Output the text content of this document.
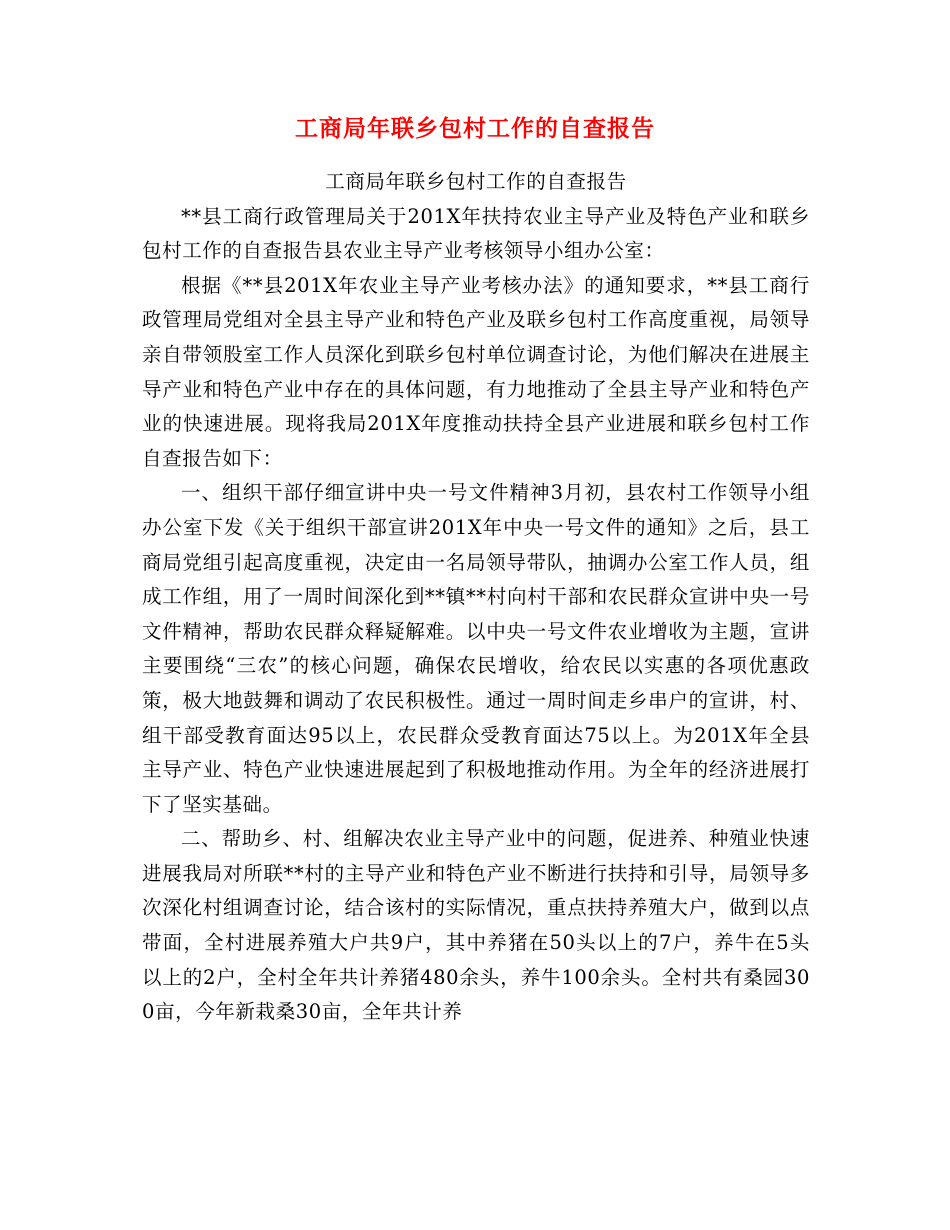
工商局年联乡包村工作的自查报告

工商局年联乡包村工作的自查报告

**县工商行政管理局关于201X年扶持农业主导产业及特色产业和联乡包村工作的自查报告县农业主导产业考核领导小组办公室：

根据《**县201X年农业主导产业考核办法》的通知要求，**县工商行政管理局党组对全县主导产业和特色产业及联乡包村工作高度重视，局领导亲自带领股室工作人员深化到联乡包村单位调查讨论，为他们解决在进展主导产业和特色产业中存在的具体问题，有力地推动了全县主导产业和特色产业的快速进展。现将我局201X年度推动扶持全县产业进展和联乡包村工作自查报告如下：

一、组织干部仔细宣讲中央一号文件精神3月初，县农村工作领导小组办公室下发《关于组织干部宣讲201X年中央一号文件的通知》之后，县工商局党组引起高度重视，决定由一名局领导带队，抽调办公室工作人员，组成工作组，用了一周时间深化到**镇**村向村干部和农民群众宣讲中央一号文件精神，帮助农民群众释疑解难。以中央一号文件农业增收为主题，宣讲主要围绕“三农”的核心问题，确保农民增收，给农民以实惠的各项优惠政策，极大地鼓舞和调动了农民积极性。通过一周时间走乡串户的宣讲，村、组干部受教育面达95以上，农民群众受教育面达75以上。为201X年全县主导产业、特色产业快速进展起到了积极地推动作用。为全年的经济进展打下了坚实基础。

二、帮助乡、村、组解决农业主导产业中的问题，促进养、种殖业快速进展我局对所联**村的主导产业和特色产业不断进行扶持和引导，局领导多次深化村组调查讨论，结合该村的实际情况，重点扶持养殖大户，做到以点带面，全村进展养殖大户共9户，其中养猪在50头以上的7户，养牛在5头以上的2户，全村全年共计养猪480余头，养牛100余头。全村共有桑园300亩，今年新栽桑30亩，全年共计养
